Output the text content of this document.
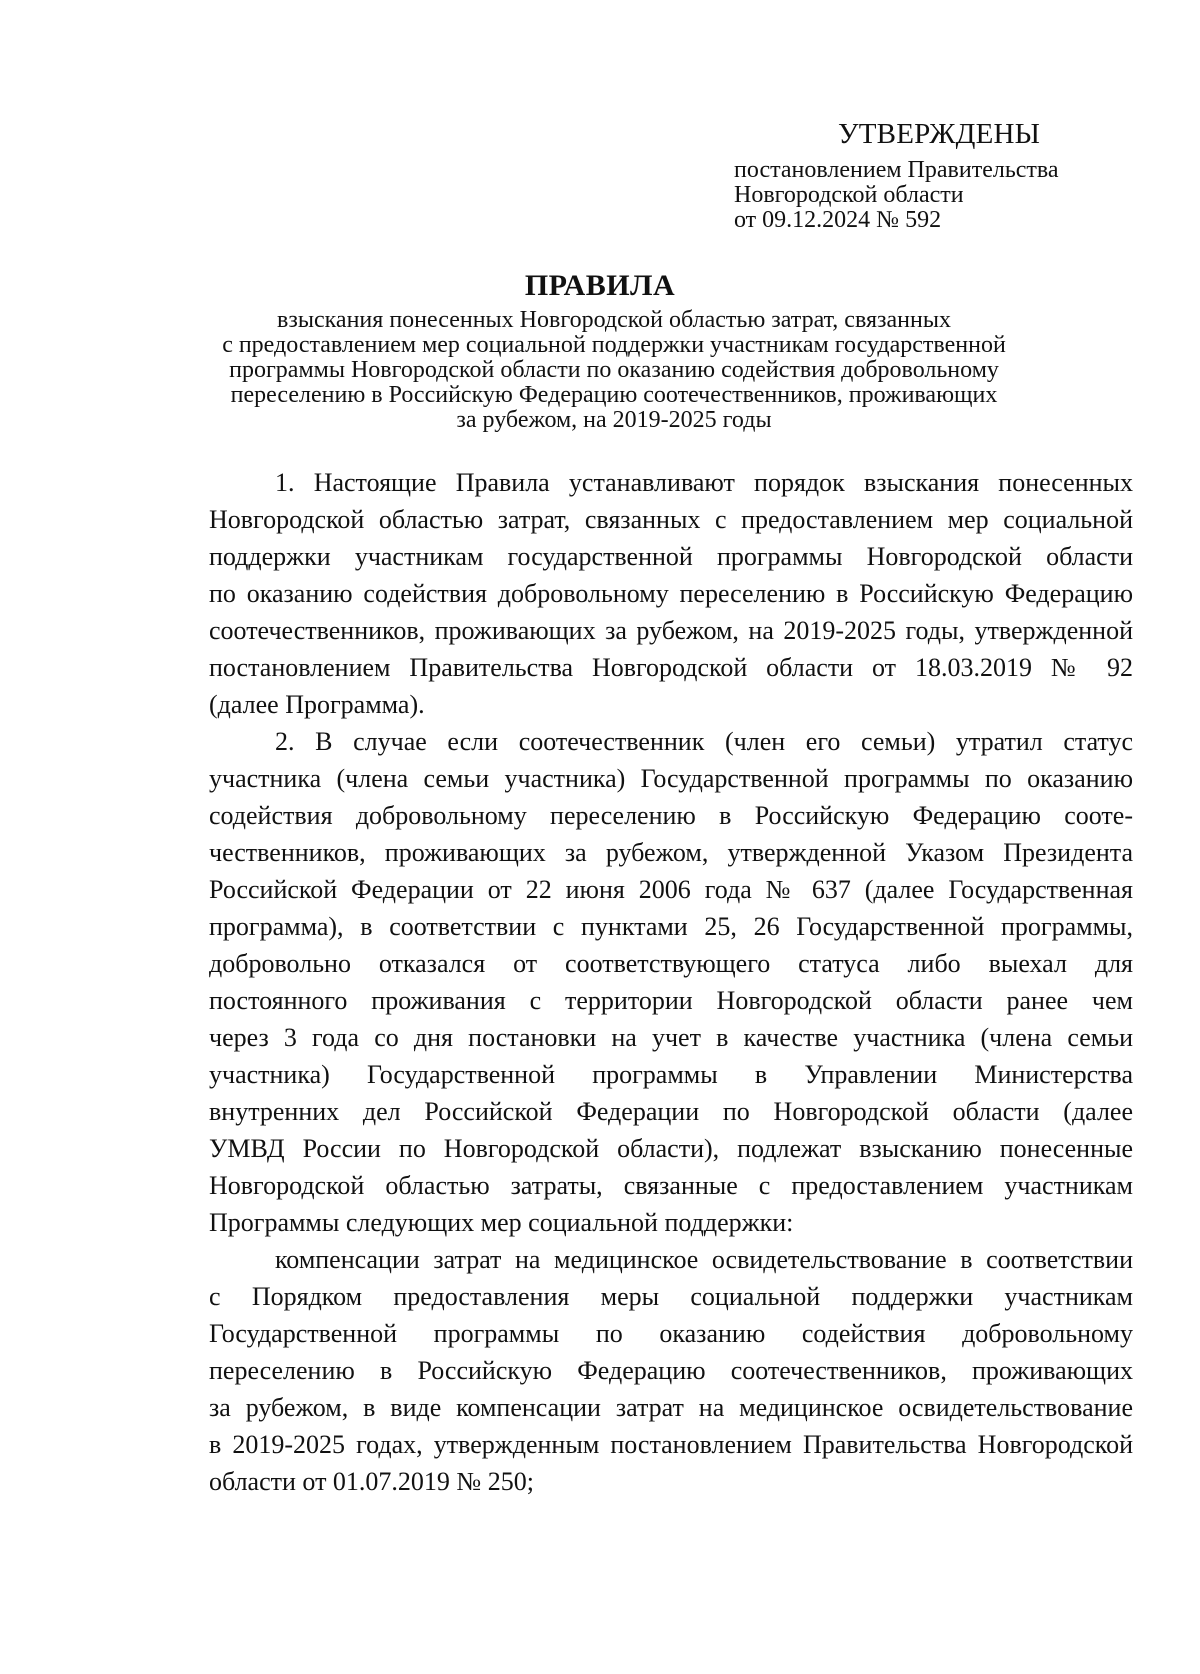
УТВЕРЖДЕНЫ
постановлением Правительства
Новгородской области
от 09.12.2024 № 592
ПРАВИЛА
взыскания понесенных Новгородской областью затрат, связанных
с предоставлением мер социальной поддержки участникам государственной
программы Новгородской области по оказанию содействия добровольному
переселению в Российскую Федерацию соотечественников, проживающих
за рубежом, на 2019-2025 годы
1. Настоящие Правила устанавливают порядок взыскания понесенных
Новгородской областью затрат, связанных с предоставлением мер социальной
поддержки участникам государственной программы Новгородской области
по оказанию содействия добровольному переселению в Российскую Федерацию
соотечественников, проживающих за рубежом, на 2019-2025 годы, утвержденной
постановлением Правительства Новгородской области от 18.03.2019 № 92
(далее Программа).
2. В случае если соотечественник (член его семьи) утратил статус
участника (члена семьи участника) Государственной программы по оказанию
содействия добровольному переселению в Российскую Федерацию сооте-
чественников, проживающих за рубежом, утвержденной Указом Президента
Российской Федерации от 22 июня 2006 года № 637 (далее Государственная
программа), в соответствии с пунктами 25, 26 Государственной программы,
добровольно отказался от соответствующего статуса либо выехал для
постоянного проживания с территории Новгородской области ранее чем
через 3 года со дня постановки на учет в качестве участника (члена семьи
участника) Государственной программы в Управлении Министерства
внутренних дел Российской Федерации по Новгородской области (далее
УМВД России по Новгородской области), подлежат взысканию понесенные
Новгородской областью затраты, связанные с предоставлением участникам
Программы следующих мер социальной поддержки:
компенсации затрат на медицинское освидетельствование в соответствии
с Порядком предоставления меры социальной поддержки участникам
Государственной программы по оказанию содействия добровольному
переселению в Российскую Федерацию соотечественников, проживающих
за рубежом, в виде компенсации затрат на медицинское освидетельствование
в 2019-2025 годах, утвержденным постановлением Правительства Новгородской
области от 01.07.2019 № 250;
